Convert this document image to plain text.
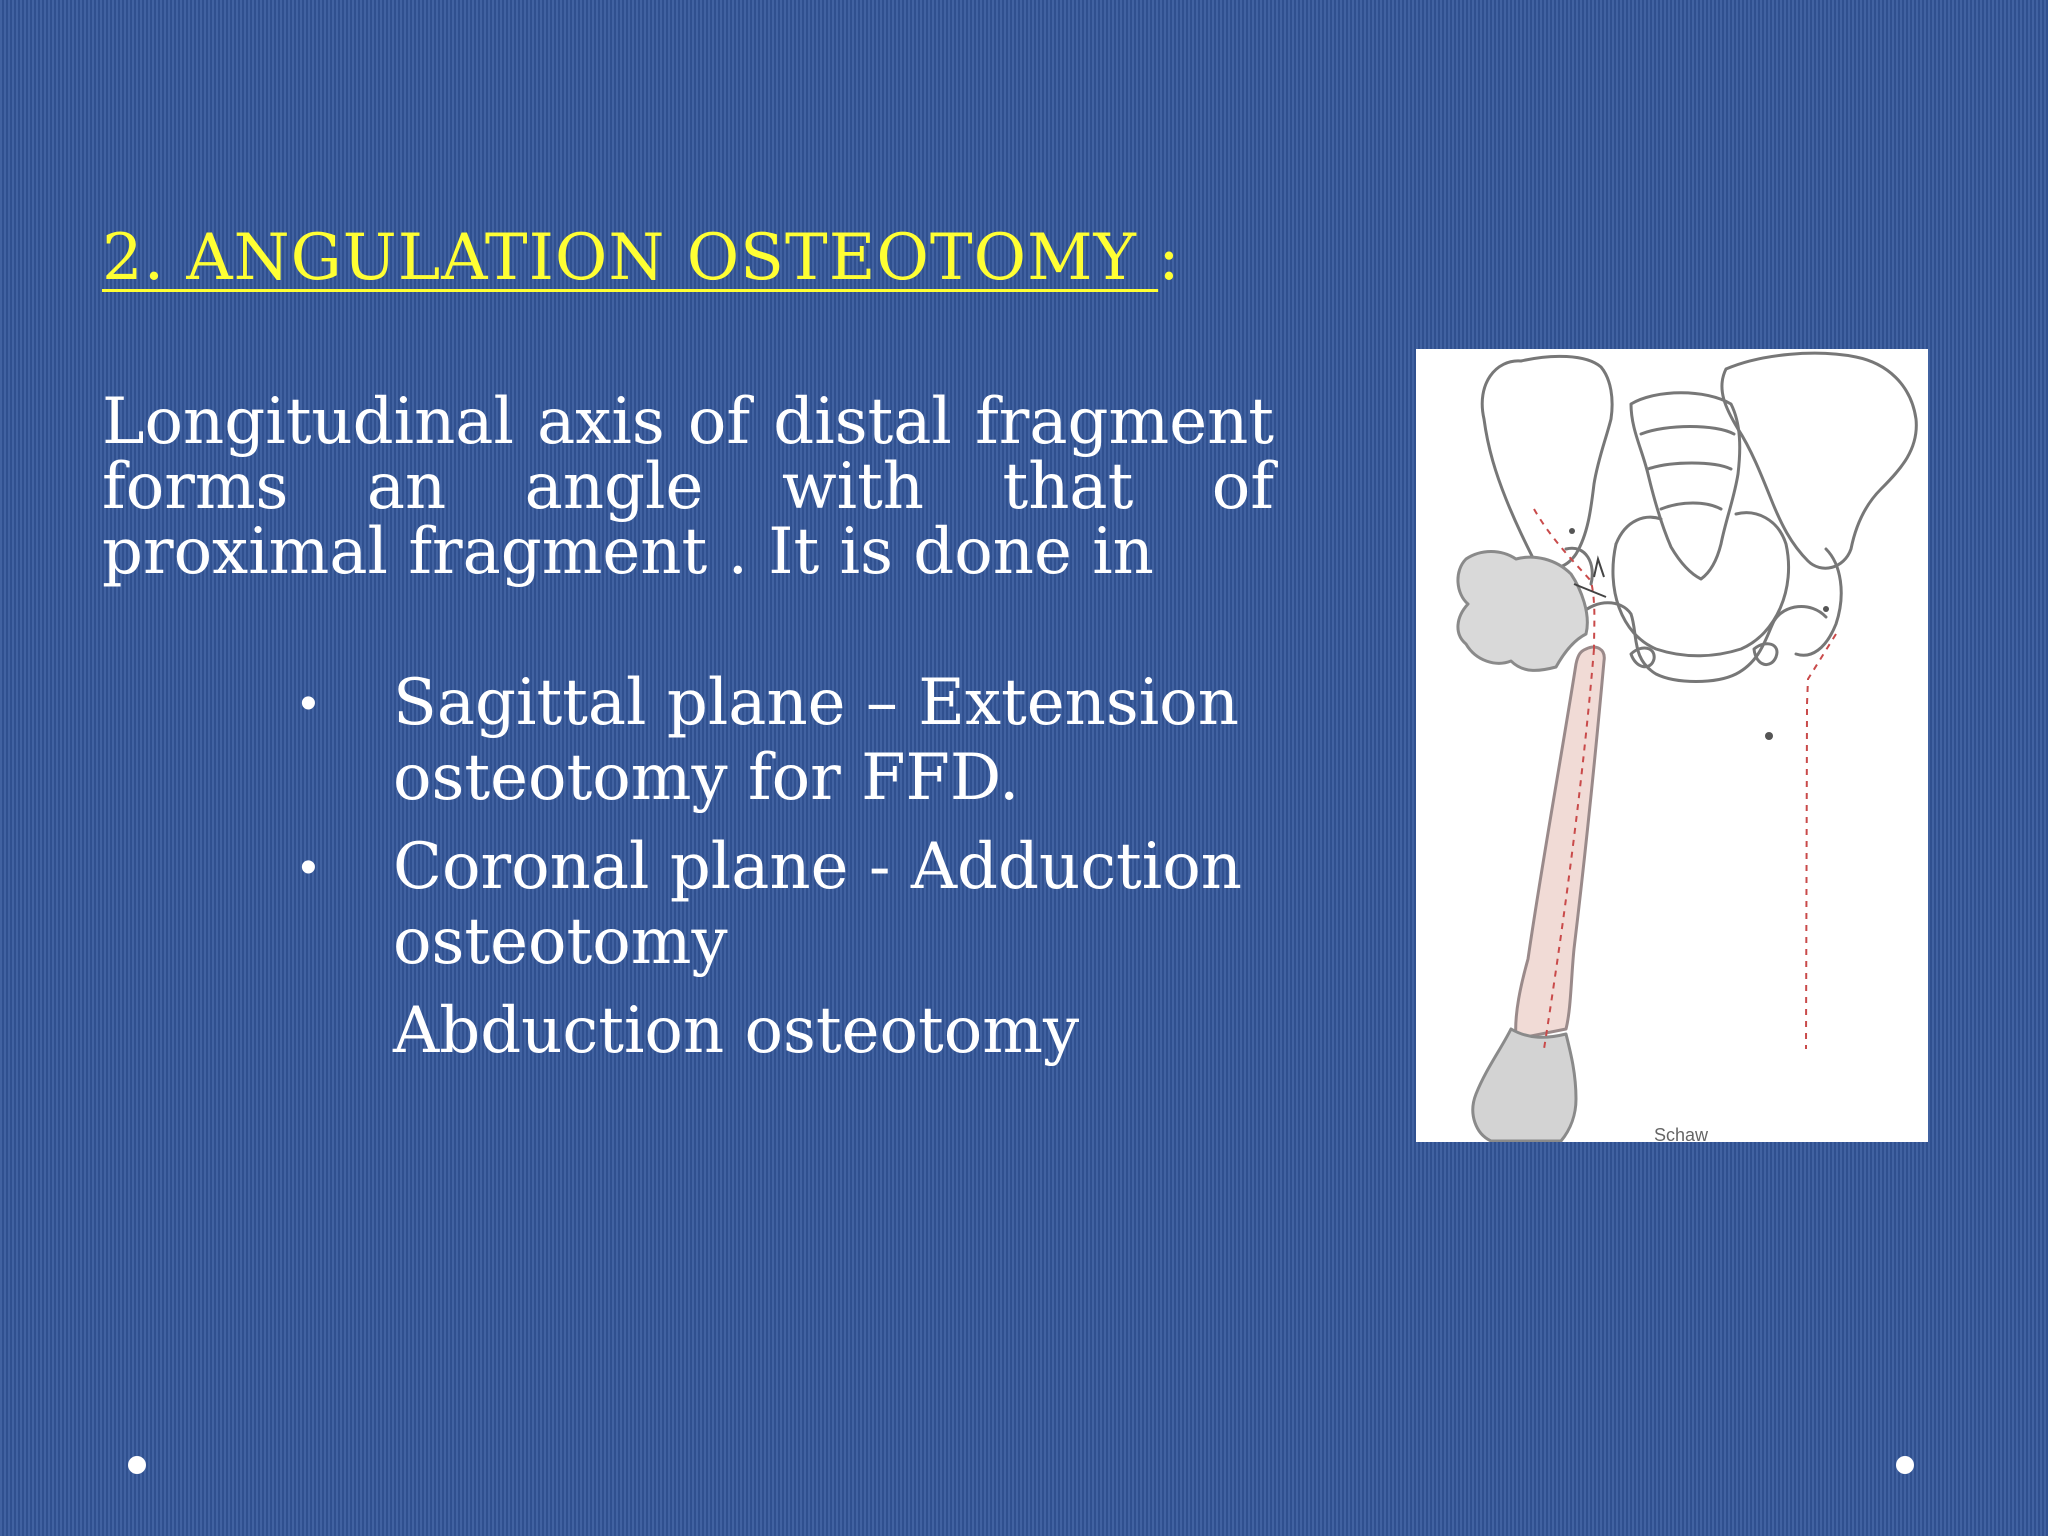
2. ANGULATION OSTEOTOMY :

Longitudinal axis of distal fragment forms an angle with that of proximal fragment . It is done in

• Sagittal plane – Extension osteotomy for FFD.
• Coronal plane - Adduction osteotomy
Abduction osteotomy
Schaw
